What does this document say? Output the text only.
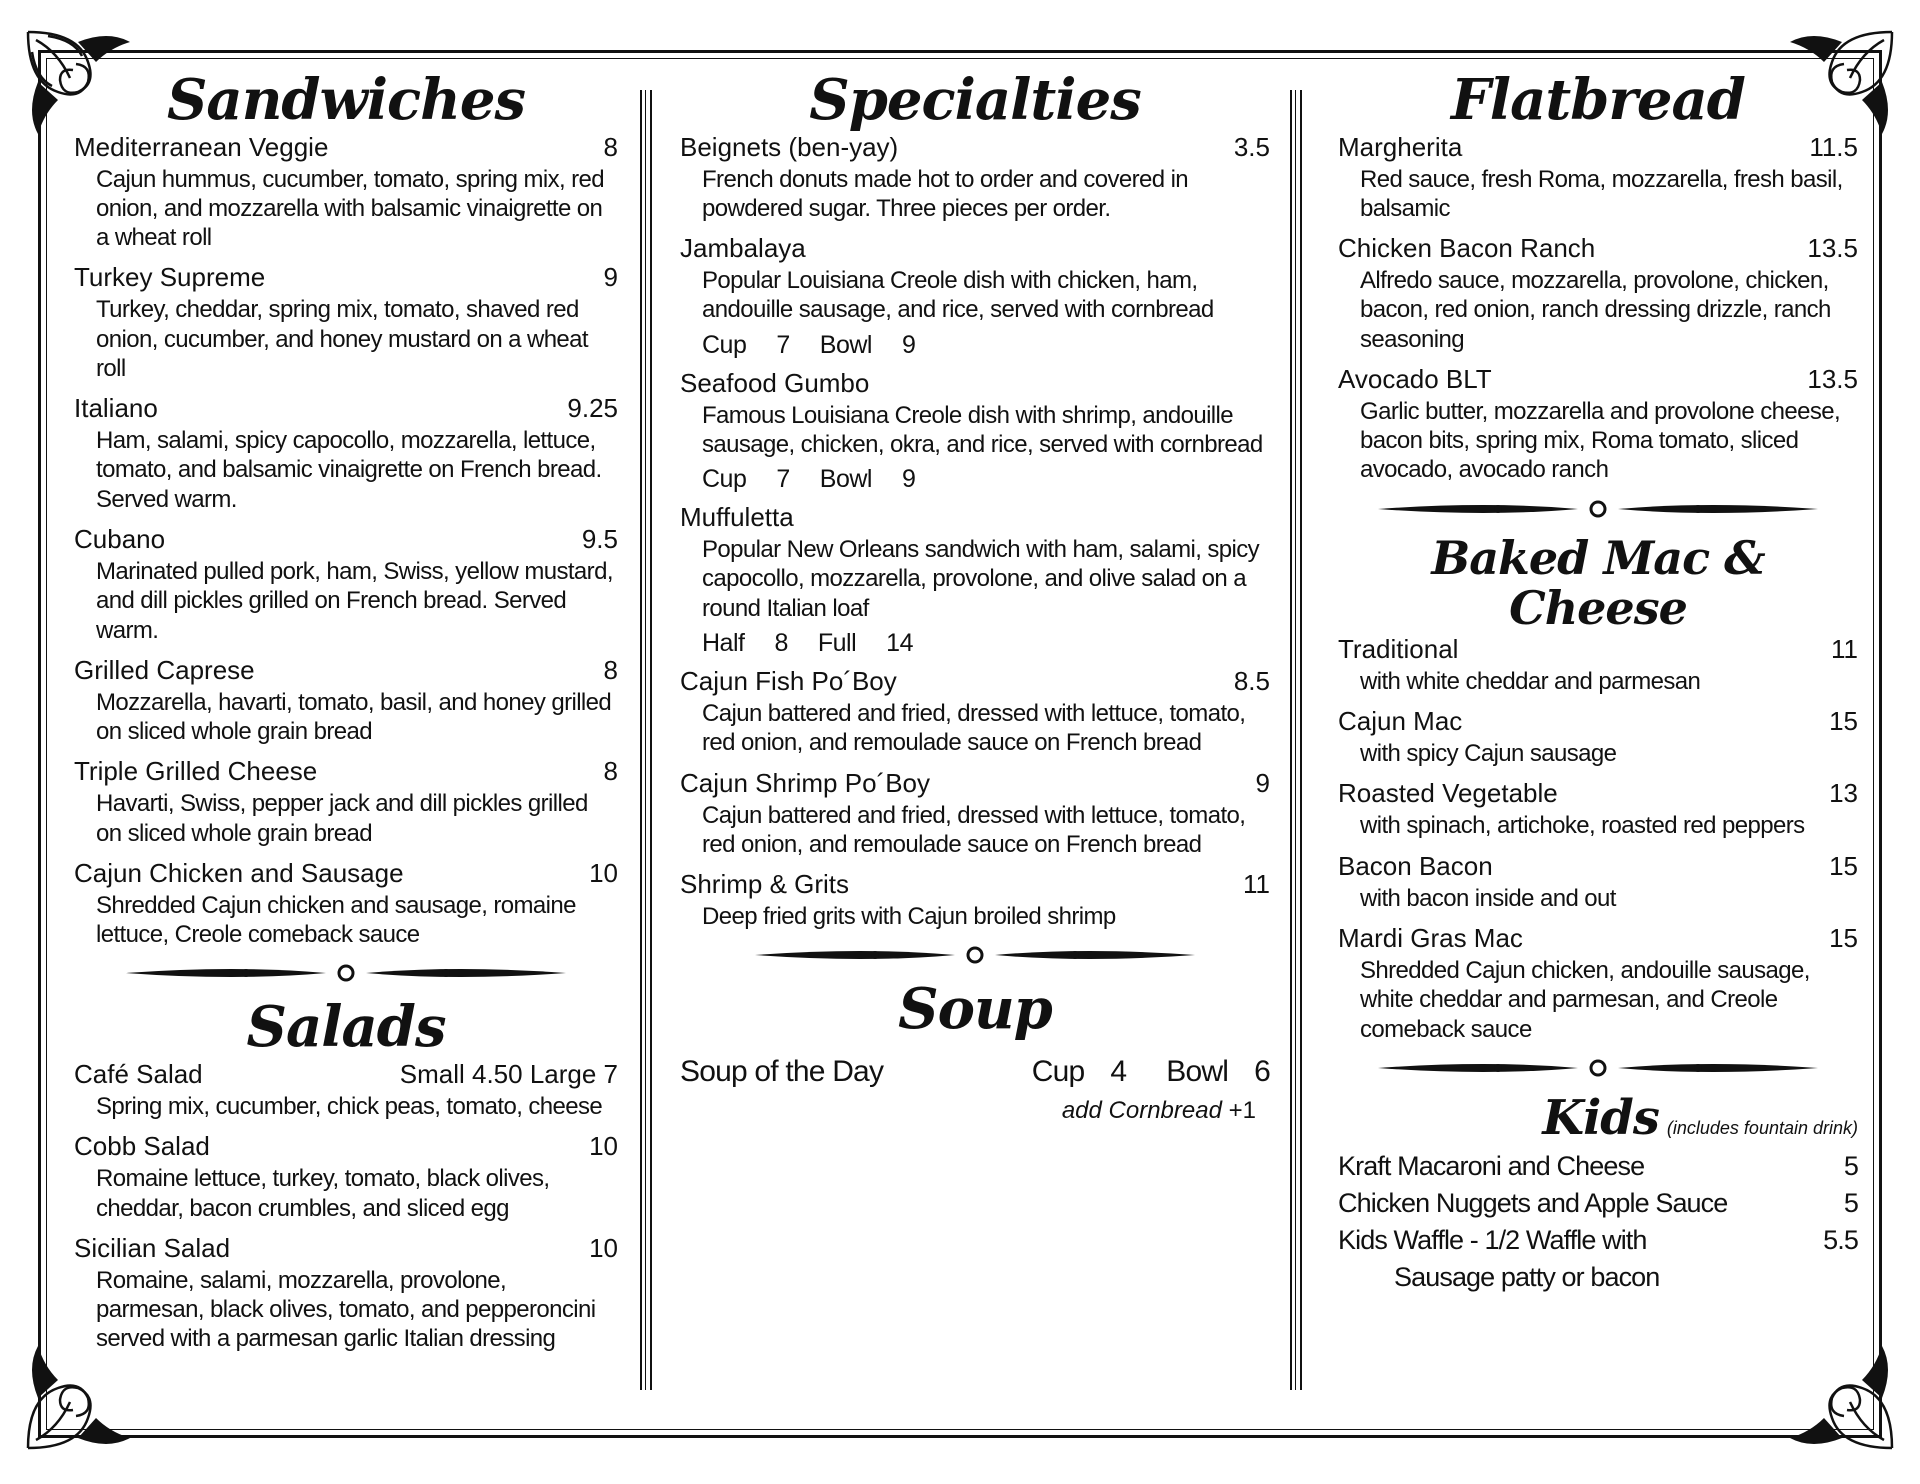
Sandwiches
Mediterranean Veggie	8
Cajun hummus, cucumber, tomato, spring mix, red onion, and mozzarella with balsamic vinaigrette on a wheat roll
Turkey Supreme	9
Turkey, cheddar, spring mix, tomato, shaved red onion, cucumber, and honey mustard on a wheat roll
Italiano	9.25
Ham, salami, spicy capocollo, mozzarella, lettuce, tomato, and balsamic vinaigrette on French bread. Served warm.
Cubano	9.5
Marinated pulled pork, ham, Swiss, yellow mustard, and dill pickles grilled on French bread. Served warm.
Grilled Caprese	8
Mozzarella, havarti, tomato, basil, and honey grilled on sliced whole grain bread
Triple Grilled Cheese	8
Havarti, Swiss, pepper jack and dill pickles grilled on sliced whole grain bread
Cajun Chicken and Sausage	10
Shredded Cajun chicken and sausage, romaine lettuce, Creole comeback sauce
Salads
Café Salad	Small 4.50 Large 7
Spring mix, cucumber, chick peas, tomato, cheese
Cobb Salad	10
Romaine lettuce, turkey, tomato, black olives, cheddar, bacon crumbles, and sliced egg
Sicilian Salad	10
Romaine, salami, mozzarella, provolone, parmesan, black olives, tomato, and pepperoncini served with a parmesan garlic Italian dressing
Specialties
Beignets (ben-yay)	3.5
French donuts made hot to order and covered in powdered sugar. Three pieces per order.
Jambalaya
Popular Louisiana Creole dish with chicken, ham, andouille sausage, and rice, served with cornbread
Cup 7 Bowl 9
Seafood Gumbo
Famous Louisiana Creole dish with shrimp, andouille sausage, chicken, okra, and rice, served with cornbread
Cup 7 Bowl 9
Muffuletta
Popular New Orleans sandwich with ham, salami, spicy capocollo, mozzarella, provolone, and olive salad on a round Italian loaf
Half 8 Full 14
Cajun Fish Po´Boy	8.5
Cajun battered and fried, dressed with lettuce, tomato, red onion, and remoulade sauce on French bread
Cajun Shrimp Po´Boy	9
Cajun battered and fried, dressed with lettuce, tomato, red onion, and remoulade sauce on French bread
Shrimp & Grits	11
Deep fried grits with Cajun broiled shrimp
Soup
Soup of the Day	Cup 4 Bowl 6
add Cornbread +1
Flatbread
Margherita	11.5
Red sauce, fresh Roma, mozzarella, fresh basil, balsamic
Chicken Bacon Ranch	13.5
Alfredo sauce, mozzarella, provolone, chicken, bacon, red onion, ranch dressing drizzle, ranch seasoning
Avocado BLT	13.5
Garlic butter, mozzarella and provolone cheese, bacon bits, spring mix, Roma tomato, sliced avocado, avocado ranch
Baked Mac & Cheese
Traditional	11
with white cheddar and parmesan
Cajun Mac	15
with spicy Cajun sausage
Roasted Vegetable	13
with spinach, artichoke, roasted red peppers
Bacon Bacon	15
with bacon inside and out
Mardi Gras Mac	15
Shredded Cajun chicken, andouille sausage, white cheddar and parmesan, and Creole comeback sauce
Kids (includes fountain drink)
Kraft Macaroni and Cheese	5
Chicken Nuggets and Apple Sauce	5
Kids Waffle - 1/2 Waffle with	5.5
Sausage patty or bacon
